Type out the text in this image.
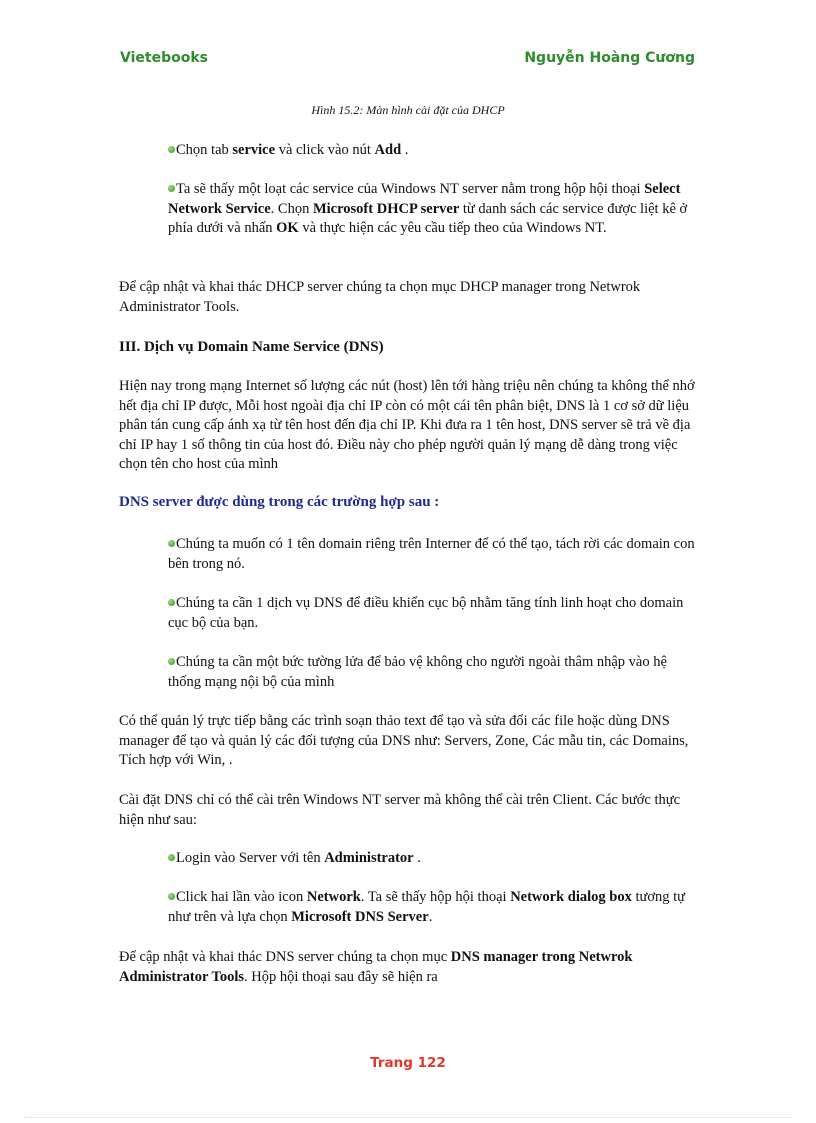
Vietebooks	Nguyễn Hoàng Cương
Hình 15.2: Màn hình cài đặt của DHCP

Chọn tab service và click vào nút Add .

Ta sẽ thấy một loạt các service của Windows NT server nằm trong hộp hội thoại Select Network Service. Chọn Microsoft DHCP server từ danh sách các service được liệt kê ở phía dưới và nhấn OK và thực hiện các yêu cầu tiếp theo của Windows NT.

Để cập nhật và khai thác DHCP server chúng ta chọn mục DHCP manager trong Netwrok Administrator Tools.

III. Dịch vụ Domain Name Service (DNS)

Hiện nay trong mạng Internet số lượng các nút (host) lên tới hàng triệu nên chúng ta không thể nhớ hết địa chỉ IP được, Mỗi host ngoài địa chỉ IP còn có một cái tên phân biệt, DNS là 1 cơ sở dữ liệu phân tán cung cấp ánh xạ từ tên host đến địa chỉ IP. Khi đưa ra 1 tên host, DNS server sẽ trả về địa chỉ IP hay 1 số thông tin của host đó. Điều này cho phép người quản lý mạng dễ dàng trong việc chọn tên cho host của mình

DNS server được dùng trong các trường hợp sau :

Chúng ta muốn có 1 tên domain riêng trên Interner để có thể tạo, tách rời các domain con bên trong nó.

Chúng ta cần 1 dịch vụ DNS để điều khiển cục bộ nhằm tăng tính linh hoạt cho domain cục bộ của bạn.

Chúng ta cần một bức tường lửa để bảo vệ không cho người ngoài thâm nhập vào hệ thống mạng nội bộ của mình

Có thể quản lý trực tiếp bằng các trình soạn thảo text để tạo và sửa đổi các file hoặc dùng DNS manager để tạo và quản lý các đối tượng của DNS như: Servers, Zone, Các mẫu tin, các Domains, Tích hợp với Win, .

Cài đặt DNS chỉ có thể cài trên Windows NT server mà không thể cài trên Client. Các bước thực hiện như sau:

Login vào Server với tên Administrator .

Click hai lần vào icon Network. Ta sẽ thấy hộp hội thoại Network dialog box tương tự như trên và lựa chọn Microsoft DNS Server.

Để cập nhật và khai thác DNS server chúng ta chọn mục DNS manager trong Netwrok Administrator Tools. Hộp hội thoại sau đây sẽ hiện ra

Trang 122
